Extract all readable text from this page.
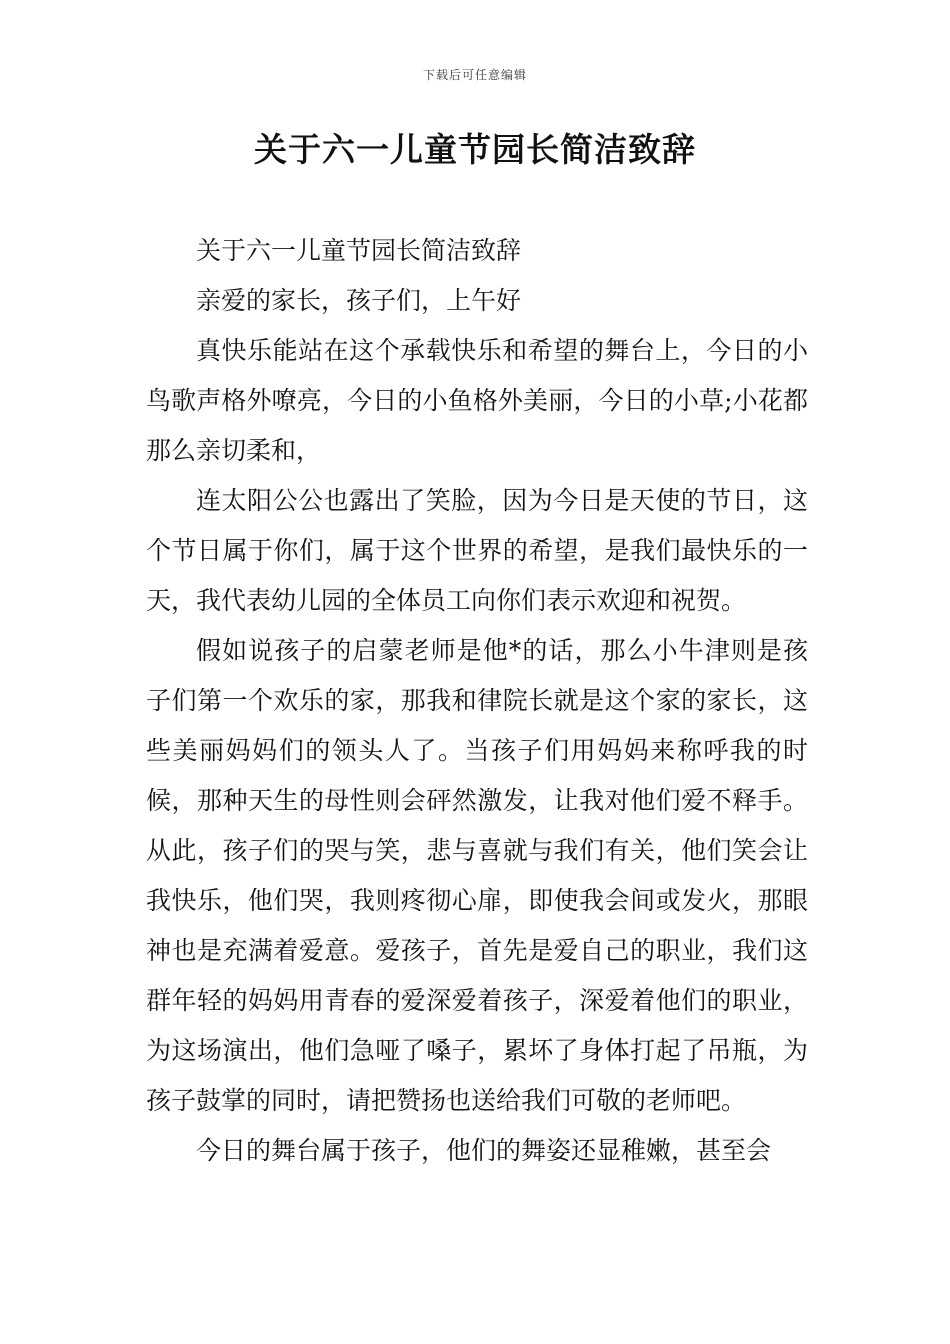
下载后可任意编辑
关于六一儿童节园长简洁致辞

关于六一儿童节园长简洁致辞

亲爱的家长，孩子们，上午好

真快乐能站在这个承载快乐和希望的舞台上，今日的小鸟歌声格外嘹亮，今日的小鱼格外美丽，今日的小草;小花都那么亲切柔和，

连太阳公公也露出了笑脸，因为今日是天使的节日，这个节日属于你们，属于这个世界的希望，是我们最快乐的一天，我代表幼儿园的全体员工向你们表示欢迎和祝贺。

假如说孩子的启蒙老师是他*的话，那么小牛津则是孩子们第一个欢乐的家，那我和律院长就是这个家的家长，这些美丽妈妈们的领头人了。当孩子们用妈妈来称呼我的时候，那种天生的母性则会砰然激发，让我对他们爱不释手。从此，孩子们的哭与笑，悲与喜就与我们有关，他们笑会让我快乐，他们哭，我则疼彻心扉，即使我会间或发火，那眼神也是充满着爱意。爱孩子，首先是爱自己的职业，我们这群年轻的妈妈用青春的爱深爱着孩子，深爱着他们的职业，为这场演出，他们急哑了嗓子，累坏了身体打起了吊瓶，为孩子鼓掌的同时，请把赞扬也送给我们可敬的老师吧。

今日的舞台属于孩子，他们的舞姿还显稚嫩，甚至会
